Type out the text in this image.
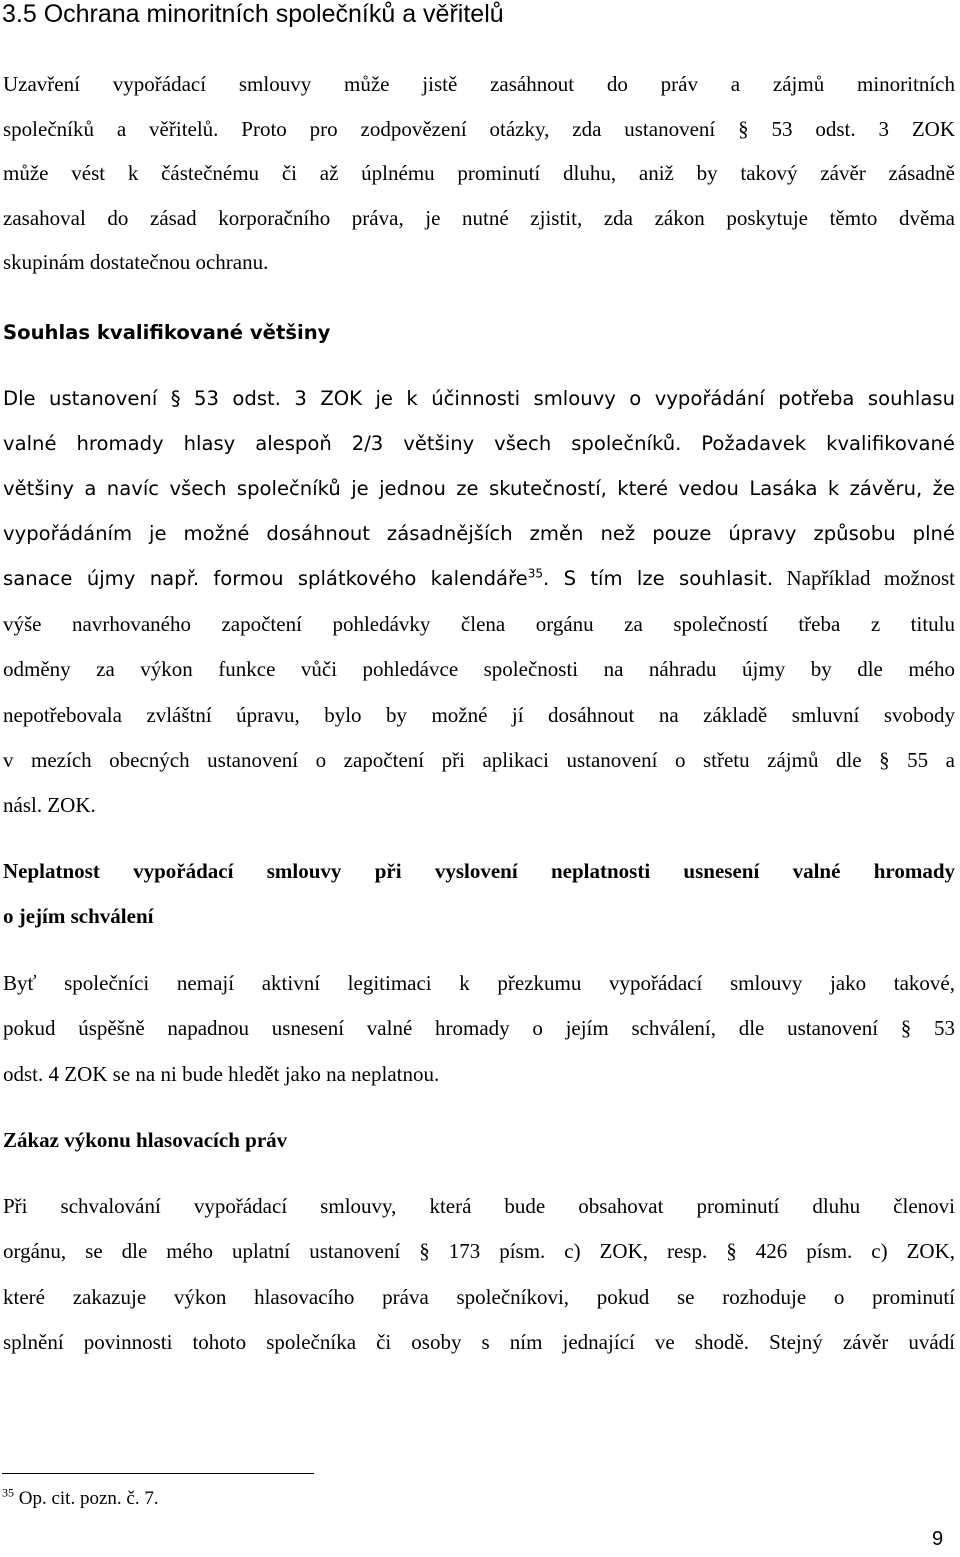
3.5 Ochrana minoritních společníků a věřitelů
Uzavření vypořádací smlouvy může jistě zasáhnout do práv a zájmů minoritních
společníků a věřitelů. Proto pro zodpovězení otázky, zda ustanovení § 53 odst. 3 ZOK
může vést k částečnému či až úplnému prominutí dluhu, aniž by takový závěr zásadně
zasahoval do zásad korporačního práva, je nutné zjistit, zda zákon poskytuje těmto dvěma
skupinám dostatečnou ochranu.
Souhlas kvalifikované většiny
Dle ustanovení § 53 odst. 3 ZOK je k účinnosti smlouvy o vypořádání potřeba souhlasu
valné hromady hlasy alespoň 2/3 většiny všech společníků. Požadavek kvalifikované
většiny a navíc všech společníků je jednou ze skutečností, které vedou Lasáka k závěru, že
vypořádáním je možné dosáhnout zásadnějších změn než pouze úpravy způsobu plné
sanace újmy např. formou splátkového kalendáře$^{35}$. S tím lze souhlasit. Například možnost
výše navrhovaného započtení pohledávky člena orgánu za společností třeba z titulu
odměny za výkon funkce vůči pohledávce společnosti na náhradu újmy by dle mého
nepotřebovala zvláštní úpravu, bylo by možné jí dosáhnout na základě smluvní svobody
v mezích obecných ustanovení o započtení při aplikaci ustanovení o střetu zájmů dle § 55 a
násl. ZOK.
Neplatnost vypořádací smlouvy při vyslovení neplatnosti usnesení valné hromady
o jejím schválení
Byť společníci nemají aktivní legitimaci k přezkumu vypořádací smlouvy jako takové,
pokud úspěšně napadnou usnesení valné hromady o jejím schválení, dle ustanovení § 53
odst. 4 ZOK se na ni bude hledět jako na neplatnou.
Zákaz výkonu hlasovacích práv
Při schvalování vypořádací smlouvy, která bude obsahovat prominutí dluhu členovi
orgánu, se dle mého uplatní ustanovení § 173 písm. c) ZOK, resp. § 426 písm. c) ZOK,
které zakazuje výkon hlasovacího práva společníkovi, pokud se rozhoduje o prominutí
splnění povinnosti tohoto společníka či osoby s ním jednající ve shodě. Stejný závěr uvádí

$^{35}$ Op. cit. pozn. č. 7.

9
